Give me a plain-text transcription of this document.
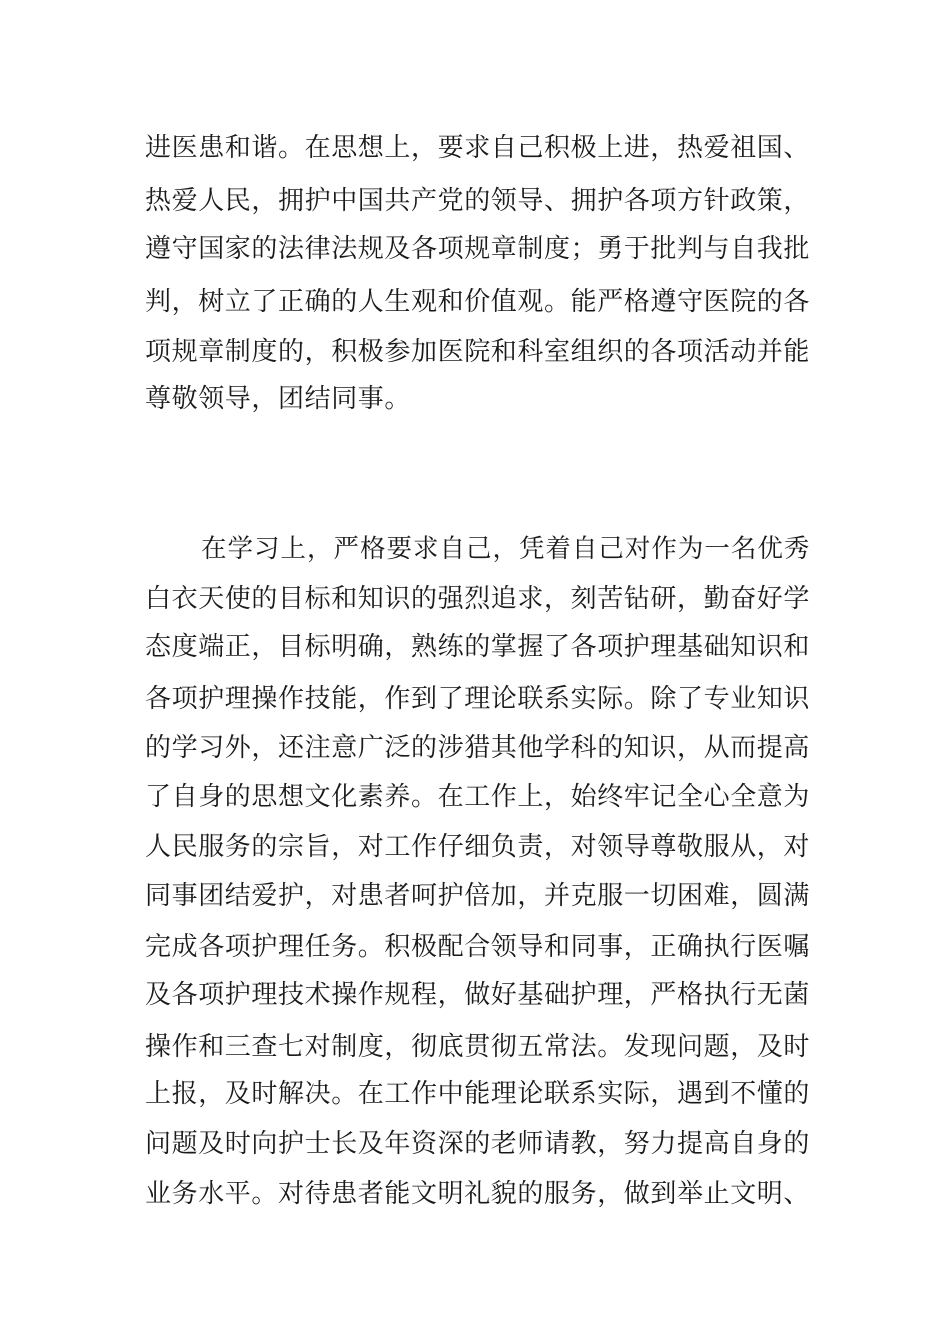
进医患和谐。在思想上，要求自己积极上进，热爱祖国、
热爱人民，拥护中国共产党的领导、拥护各项方针政策，
遵守国家的法律法规及各项规章制度；勇于批判与自我批
判，树立了正确的人生观和价值观。能严格遵守医院的各
项规章制度的，积极参加医院和科室组织的各项活动并能
尊敬领导，团结同事。
在学习上，严格要求自己，凭着自己对作为一名优秀
白衣天使的目标和知识的强烈追求，刻苦钻研，勤奋好学
态度端正，目标明确，熟练的掌握了各项护理基础知识和
各项护理操作技能，作到了理论联系实际。除了专业知识
的学习外，还注意广泛的涉猎其他学科的知识，从而提高
了自身的思想文化素养。在工作上，始终牢记全心全意为
人民服务的宗旨，对工作仔细负责，对领导尊敬服从，对
同事团结爱护，对患者呵护倍加，并克服一切困难，圆满
完成各项护理任务。积极配合领导和同事，正确执行医嘱
及各项护理技术操作规程，做好基础护理，严格执行无菌
操作和三查七对制度，彻底贯彻五常法。发现问题，及时
上报，及时解决。在工作中能理论联系实际，遇到不懂的
问题及时向护士长及年资深的老师请教，努力提高自身的
业务水平。对待患者能文明礼貌的服务，做到举止文明、
